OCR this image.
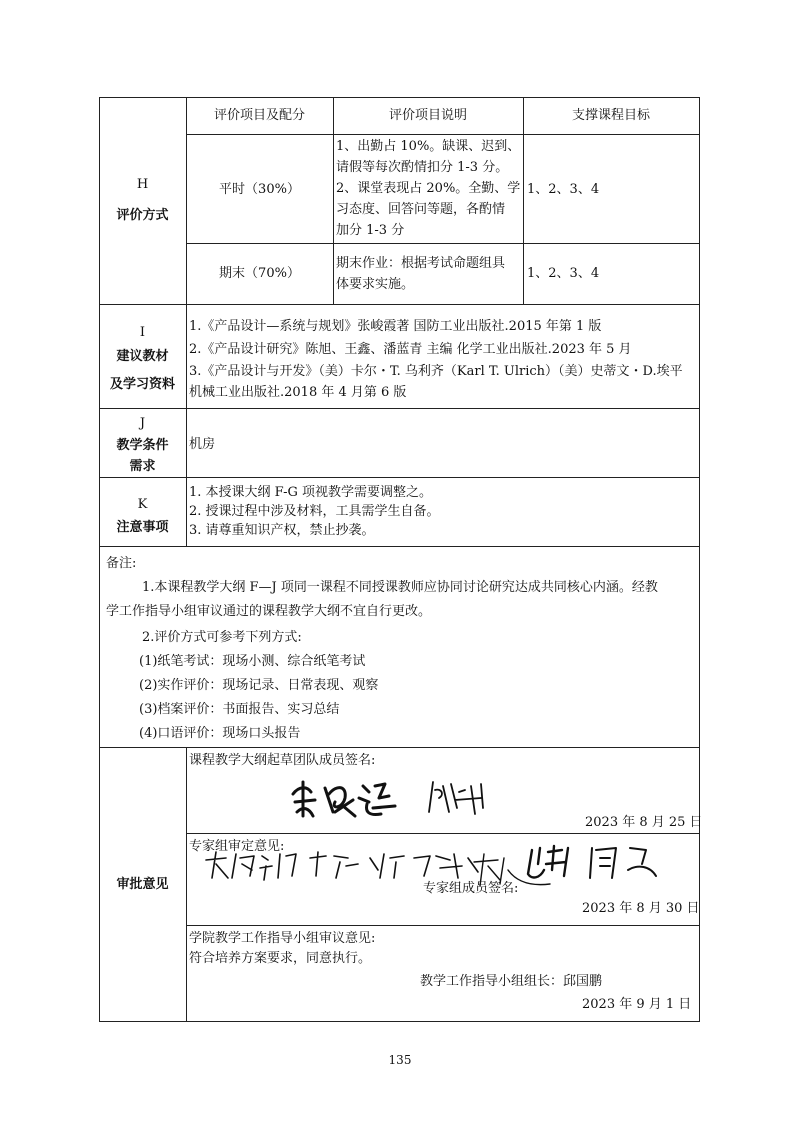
H
评价方式
评价项目及配分	评价项目说明	支撑课程目标
平时（30%）
1、出勤占 10%。缺课、迟到、
请假等每次酌情扣分 1-3 分。
2、课堂表现占 20%。全勤、学
习态度、回答问等题，各酌情
加分 1-3 分
1、2、3、4
期末（70%）
期末作业：根据考试命题组具
体要求实施。
1、2、3、4
I
建议教材
及学习资料
1.《产品设计—系统与规划》张峻霞著 国防工业出版社.2015 年第 1 版
2.《产品设计研究》陈旭、王鑫、潘蓝青 主编 化学工业出版社.2023 年 5 月
3.《产品设计与开发》（美）卡尔・T. 乌利齐（Karl T. Ulrich）（美）史蒂文・D.埃平
机械工业出版社.2018 年 4 月第 6 版
J
教学条件
需求
机房
K
注意事项
1. 本授课大纲 F-G 项视教学需要调整之。
2. 授课过程中涉及材料，工具需学生自备。
3. 请尊重知识产权，禁止抄袭。
备注:
1.本课程教学大纲 F—J 项同一课程不同授课教师应协同讨论研究达成共同核心内涵。经教
学工作指导小组审议通过的课程教学大纲不宜自行更改。
2.评价方式可参考下列方式:
(1)纸笔考试：现场小测、综合纸笔考试
(2)实作评价：现场记录、日常表现、观察
(3)档案评价：书面报告、实习总结
(4)口语评价：现场口头报告
审批意见
课程教学大纲起草团队成员签名:
2023 年 8 月 25 日
专家组审定意见:
专家组成员签名:
2023 年 8 月 30 日
学院教学工作指导小组审议意见:
符合培养方案要求，同意执行。
教学工作指导小组组长：邱国鹏
2023 年 9 月 1 日
135
